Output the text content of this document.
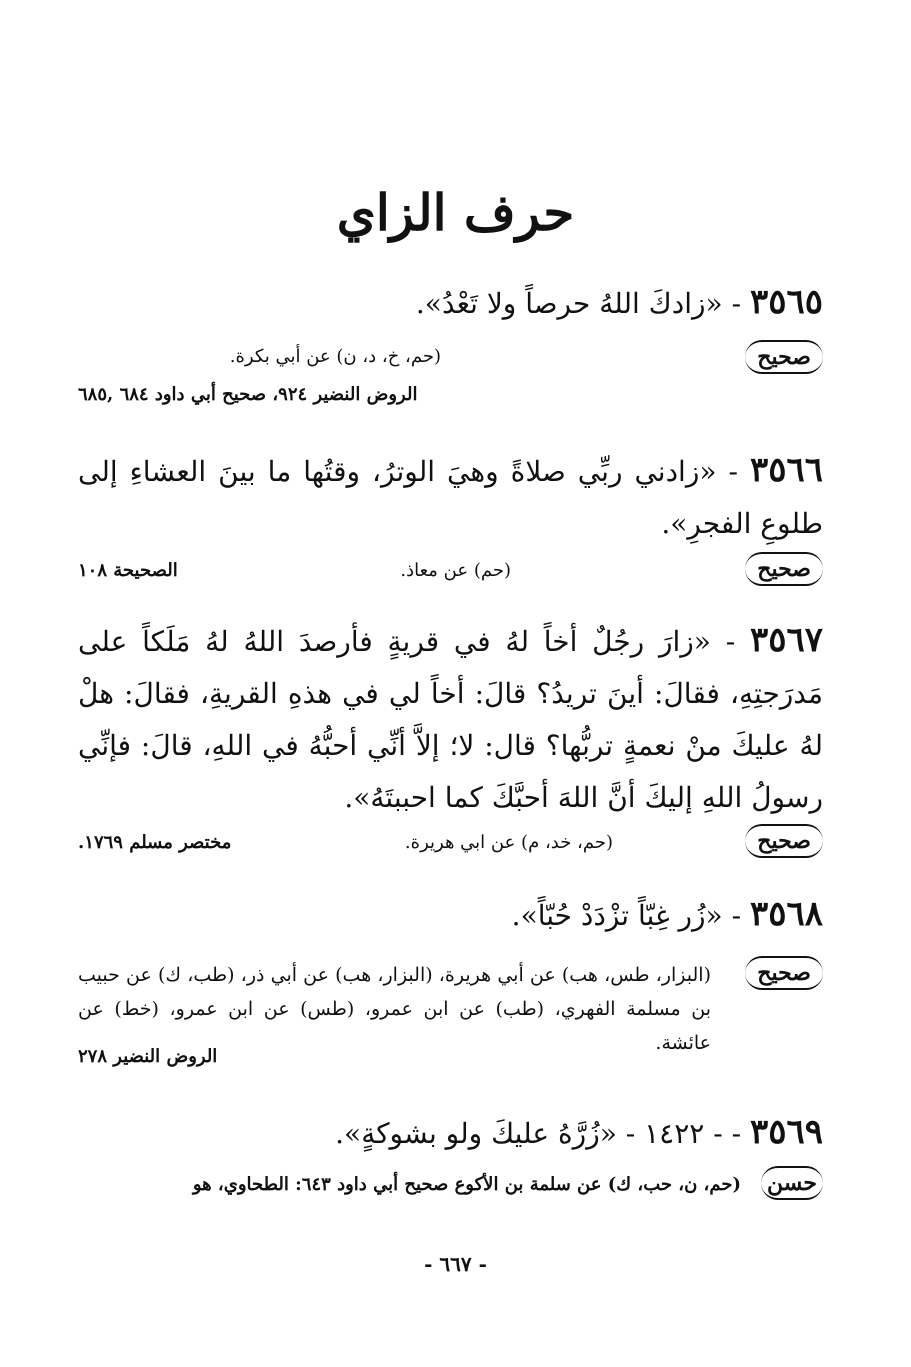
حرف الزاي
٣٥٦٥ - «زادكَ اللهُ حرصاً ولا تَعْدُ».
صحيح
(حم، خ، د، ن) عن أبي بكرة.
الروض النضير ٩٢٤، صحيح أبي داود ٦٨٤ ,٦٨٥
٣٥٦٦ - «زادني ربِّي صلاةً وهيَ الوترُ، وقتُها ما بينَ العشاءِ إلى طلوعِ الفجرِ».
صحيح
(حم) عن معاذ.
الصحيحة ١٠٨
٣٥٦٧ - «زارَ رجُلٌ أخاً لهُ في قريةٍ فأرصدَ اللهُ لهُ مَلَكاً على مَدرَجتِهِ، فقالَ: أينَ تريدُ؟ قالَ: أخاً لي في هذهِ القريةِ، فقالَ: هلْ لهُ عليكَ منْ نعمةٍ تربُّها؟ قال: لا؛ إلاَّ أنِّي أحبُّهُ في اللهِ، قالَ: فإنِّي رسولُ اللهِ إليكَ أنَّ اللهَ أحبَّكَ كما احببتَهُ».
صحيح
(حم، خد، م) عن ابي هريرة.
مختصر مسلم ١٧٦٩.
٣٥٦٨ - «زُر غِبّاً تزْدَدْ حُبّاً».
صحيح
(البزار، طس، هب) عن أبي هريرة، (البزار، هب) عن أبي ذر، (طب، ك) عن حبيب بن مسلمة الفهري، (طب) عن ابن عمرو، (طس) عن ابن عمرو، (خط) عن عائشة.
الروض النضير ٢٧٨
٣٥٦٩ - - ١٤٢٢ - «زُرَّهُ عليكَ ولو بشوكةٍ».
حسن
(حم، ن، حب، ك) عن سلمة بن الأكوع صحيح أبي داود ٦٤٣: الطحاوي، هو
- ٦٦٧ -
